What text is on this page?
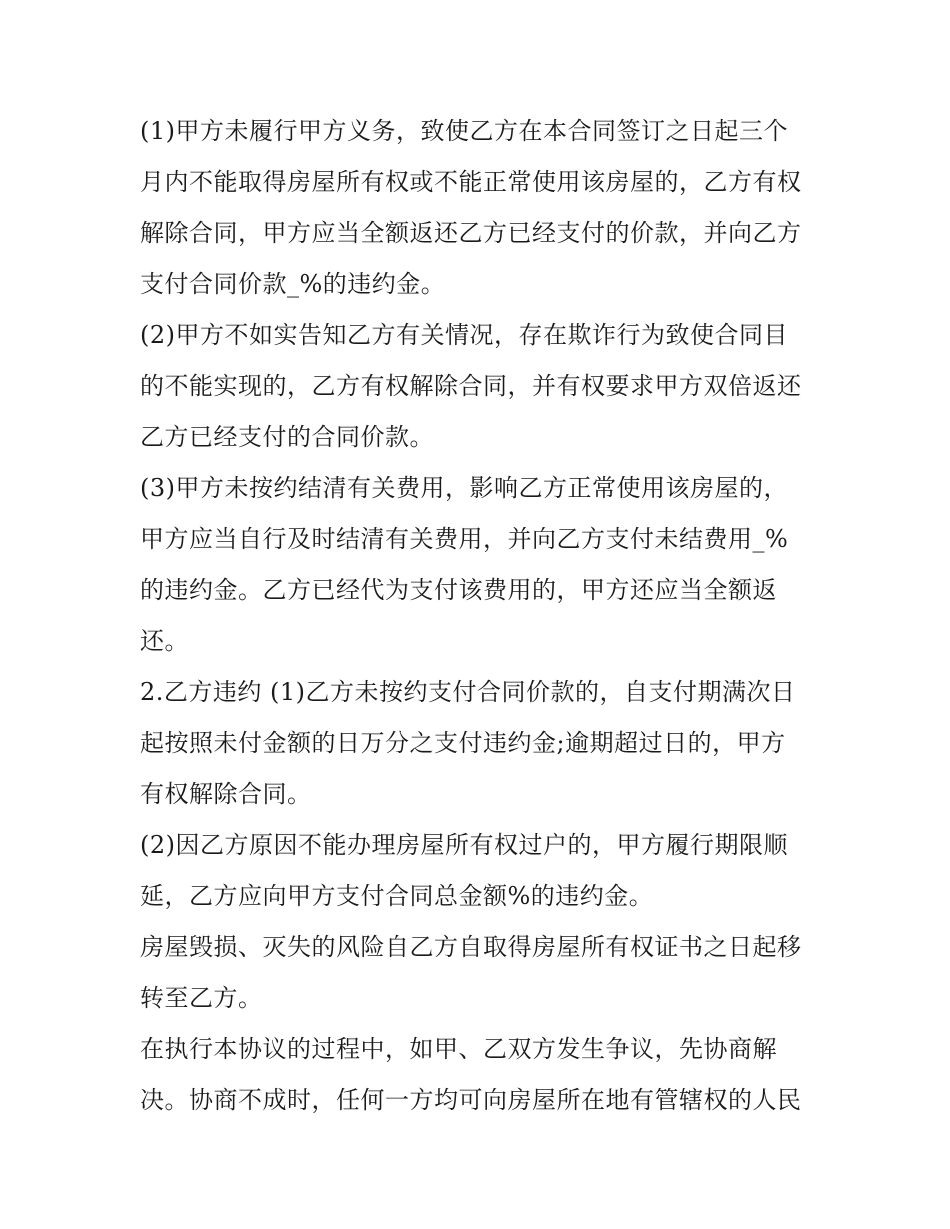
(1)甲方未履行甲方义务，致使乙方在本合同签订之日起三个
月内不能取得房屋所有权或不能正常使用该房屋的，乙方有权
解除合同，甲方应当全额返还乙方已经支付的价款，并向乙方
支付合同价款_%的违约金。
(2)甲方不如实告知乙方有关情况，存在欺诈行为致使合同目
的不能实现的，乙方有权解除合同，并有权要求甲方双倍返还
乙方已经支付的合同价款。
(3)甲方未按约结清有关费用，影响乙方正常使用该房屋的，
甲方应当自行及时结清有关费用，并向乙方支付未结费用_%
的违约金。乙方已经代为支付该费用的，甲方还应当全额返
还。
2.乙方违约 (1)乙方未按约支付合同价款的，自支付期满次日
起按照未付金额的日万分之支付违约金;逾期超过日的，甲方
有权解除合同。
(2)因乙方原因不能办理房屋所有权过户的，甲方履行期限顺
延，乙方应向甲方支付合同总金额%的违约金。
房屋毁损、灭失的风险自乙方自取得房屋所有权证书之日起移
转至乙方。
在执行本协议的过程中，如甲、乙双方发生争议，先协商解
决。协商不成时，任何一方均可向房屋所在地有管辖权的人民
